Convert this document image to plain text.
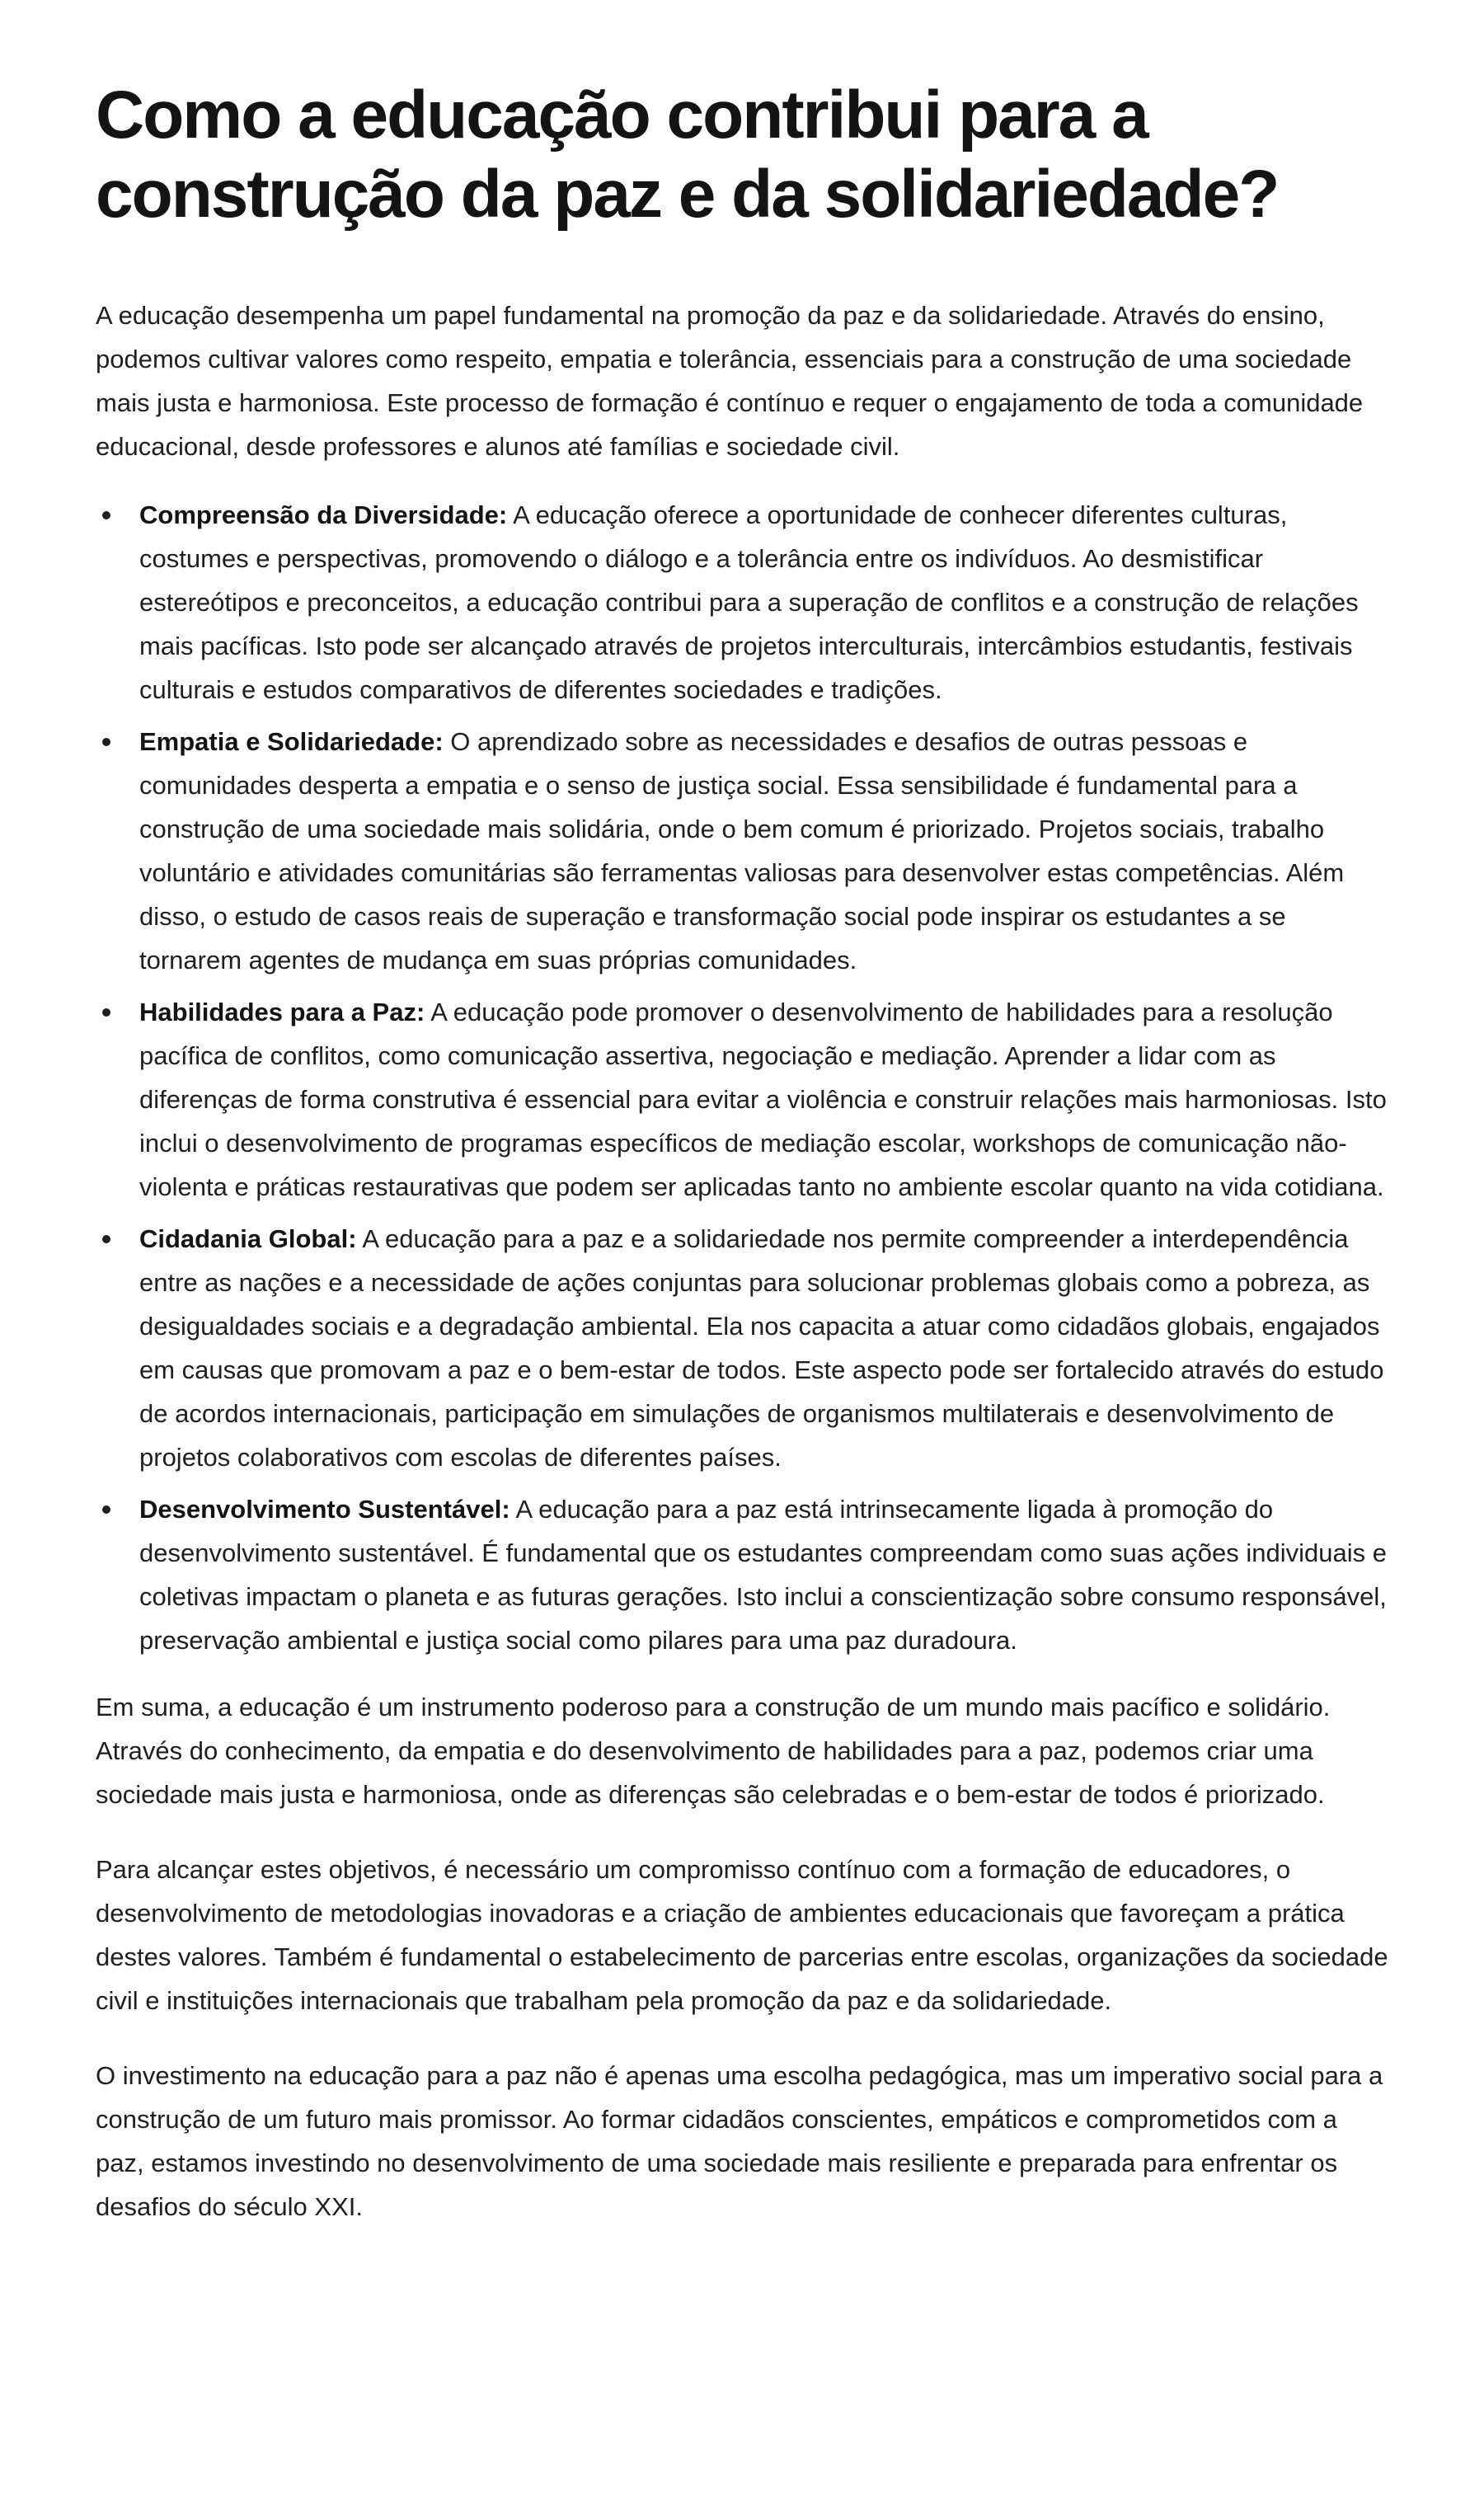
Como a educação contribui para a construção da paz e da solidariedade?

A educação desempenha um papel fundamental na promoção da paz e da solidariedade. Através do ensino, podemos cultivar valores como respeito, empatia e tolerância, essenciais para a construção de uma sociedade mais justa e harmoniosa. Este processo de formação é contínuo e requer o engajamento de toda a comunidade educacional, desde professores e alunos até famílias e sociedade civil.

Compreensão da Diversidade: A educação oferece a oportunidade de conhecer diferentes culturas, costumes e perspectivas, promovendo o diálogo e a tolerância entre os indivíduos. Ao desmistificar estereótipos e preconceitos, a educação contribui para a superação de conflitos e a construção de relações mais pacíficas. Isto pode ser alcançado através de projetos interculturais, intercâmbios estudantis, festivais culturais e estudos comparativos de diferentes sociedades e tradições.
Empatia e Solidariedade: O aprendizado sobre as necessidades e desafios de outras pessoas e comunidades desperta a empatia e o senso de justiça social. Essa sensibilidade é fundamental para a construção de uma sociedade mais solidária, onde o bem comum é priorizado. Projetos sociais, trabalho voluntário e atividades comunitárias são ferramentas valiosas para desenvolver estas competências. Além disso, o estudo de casos reais de superação e transformação social pode inspirar os estudantes a se tornarem agentes de mudança em suas próprias comunidades.
Habilidades para a Paz: A educação pode promover o desenvolvimento de habilidades para a resolução pacífica de conflitos, como comunicação assertiva, negociação e mediação. Aprender a lidar com as diferenças de forma construtiva é essencial para evitar a violência e construir relações mais harmoniosas. Isto inclui o desenvolvimento de programas específicos de mediação escolar, workshops de comunicação não-violenta e práticas restaurativas que podem ser aplicadas tanto no ambiente escolar quanto na vida cotidiana.
Cidadania Global: A educação para a paz e a solidariedade nos permite compreender a interdependência entre as nações e a necessidade de ações conjuntas para solucionar problemas globais como a pobreza, as desigualdades sociais e a degradação ambiental. Ela nos capacita a atuar como cidadãos globais, engajados em causas que promovam a paz e o bem-estar de todos. Este aspecto pode ser fortalecido através do estudo de acordos internacionais, participação em simulações de organismos multilaterais e desenvolvimento de projetos colaborativos com escolas de diferentes países.
Desenvolvimento Sustentável: A educação para a paz está intrinsecamente ligada à promoção do desenvolvimento sustentável. É fundamental que os estudantes compreendam como suas ações individuais e coletivas impactam o planeta e as futuras gerações. Isto inclui a conscientização sobre consumo responsável, preservação ambiental e justiça social como pilares para uma paz duradoura.

Em suma, a educação é um instrumento poderoso para a construção de um mundo mais pacífico e solidário. Através do conhecimento, da empatia e do desenvolvimento de habilidades para a paz, podemos criar uma sociedade mais justa e harmoniosa, onde as diferenças são celebradas e o bem-estar de todos é priorizado.

Para alcançar estes objetivos, é necessário um compromisso contínuo com a formação de educadores, o desenvolvimento de metodologias inovadoras e a criação de ambientes educacionais que favoreçam a prática destes valores. Também é fundamental o estabelecimento de parcerias entre escolas, organizações da sociedade civil e instituições internacionais que trabalham pela promoção da paz e da solidariedade.

O investimento na educação para a paz não é apenas uma escolha pedagógica, mas um imperativo social para a construção de um futuro mais promissor. Ao formar cidadãos conscientes, empáticos e comprometidos com a paz, estamos investindo no desenvolvimento de uma sociedade mais resiliente e preparada para enfrentar os desafios do século XXI.
